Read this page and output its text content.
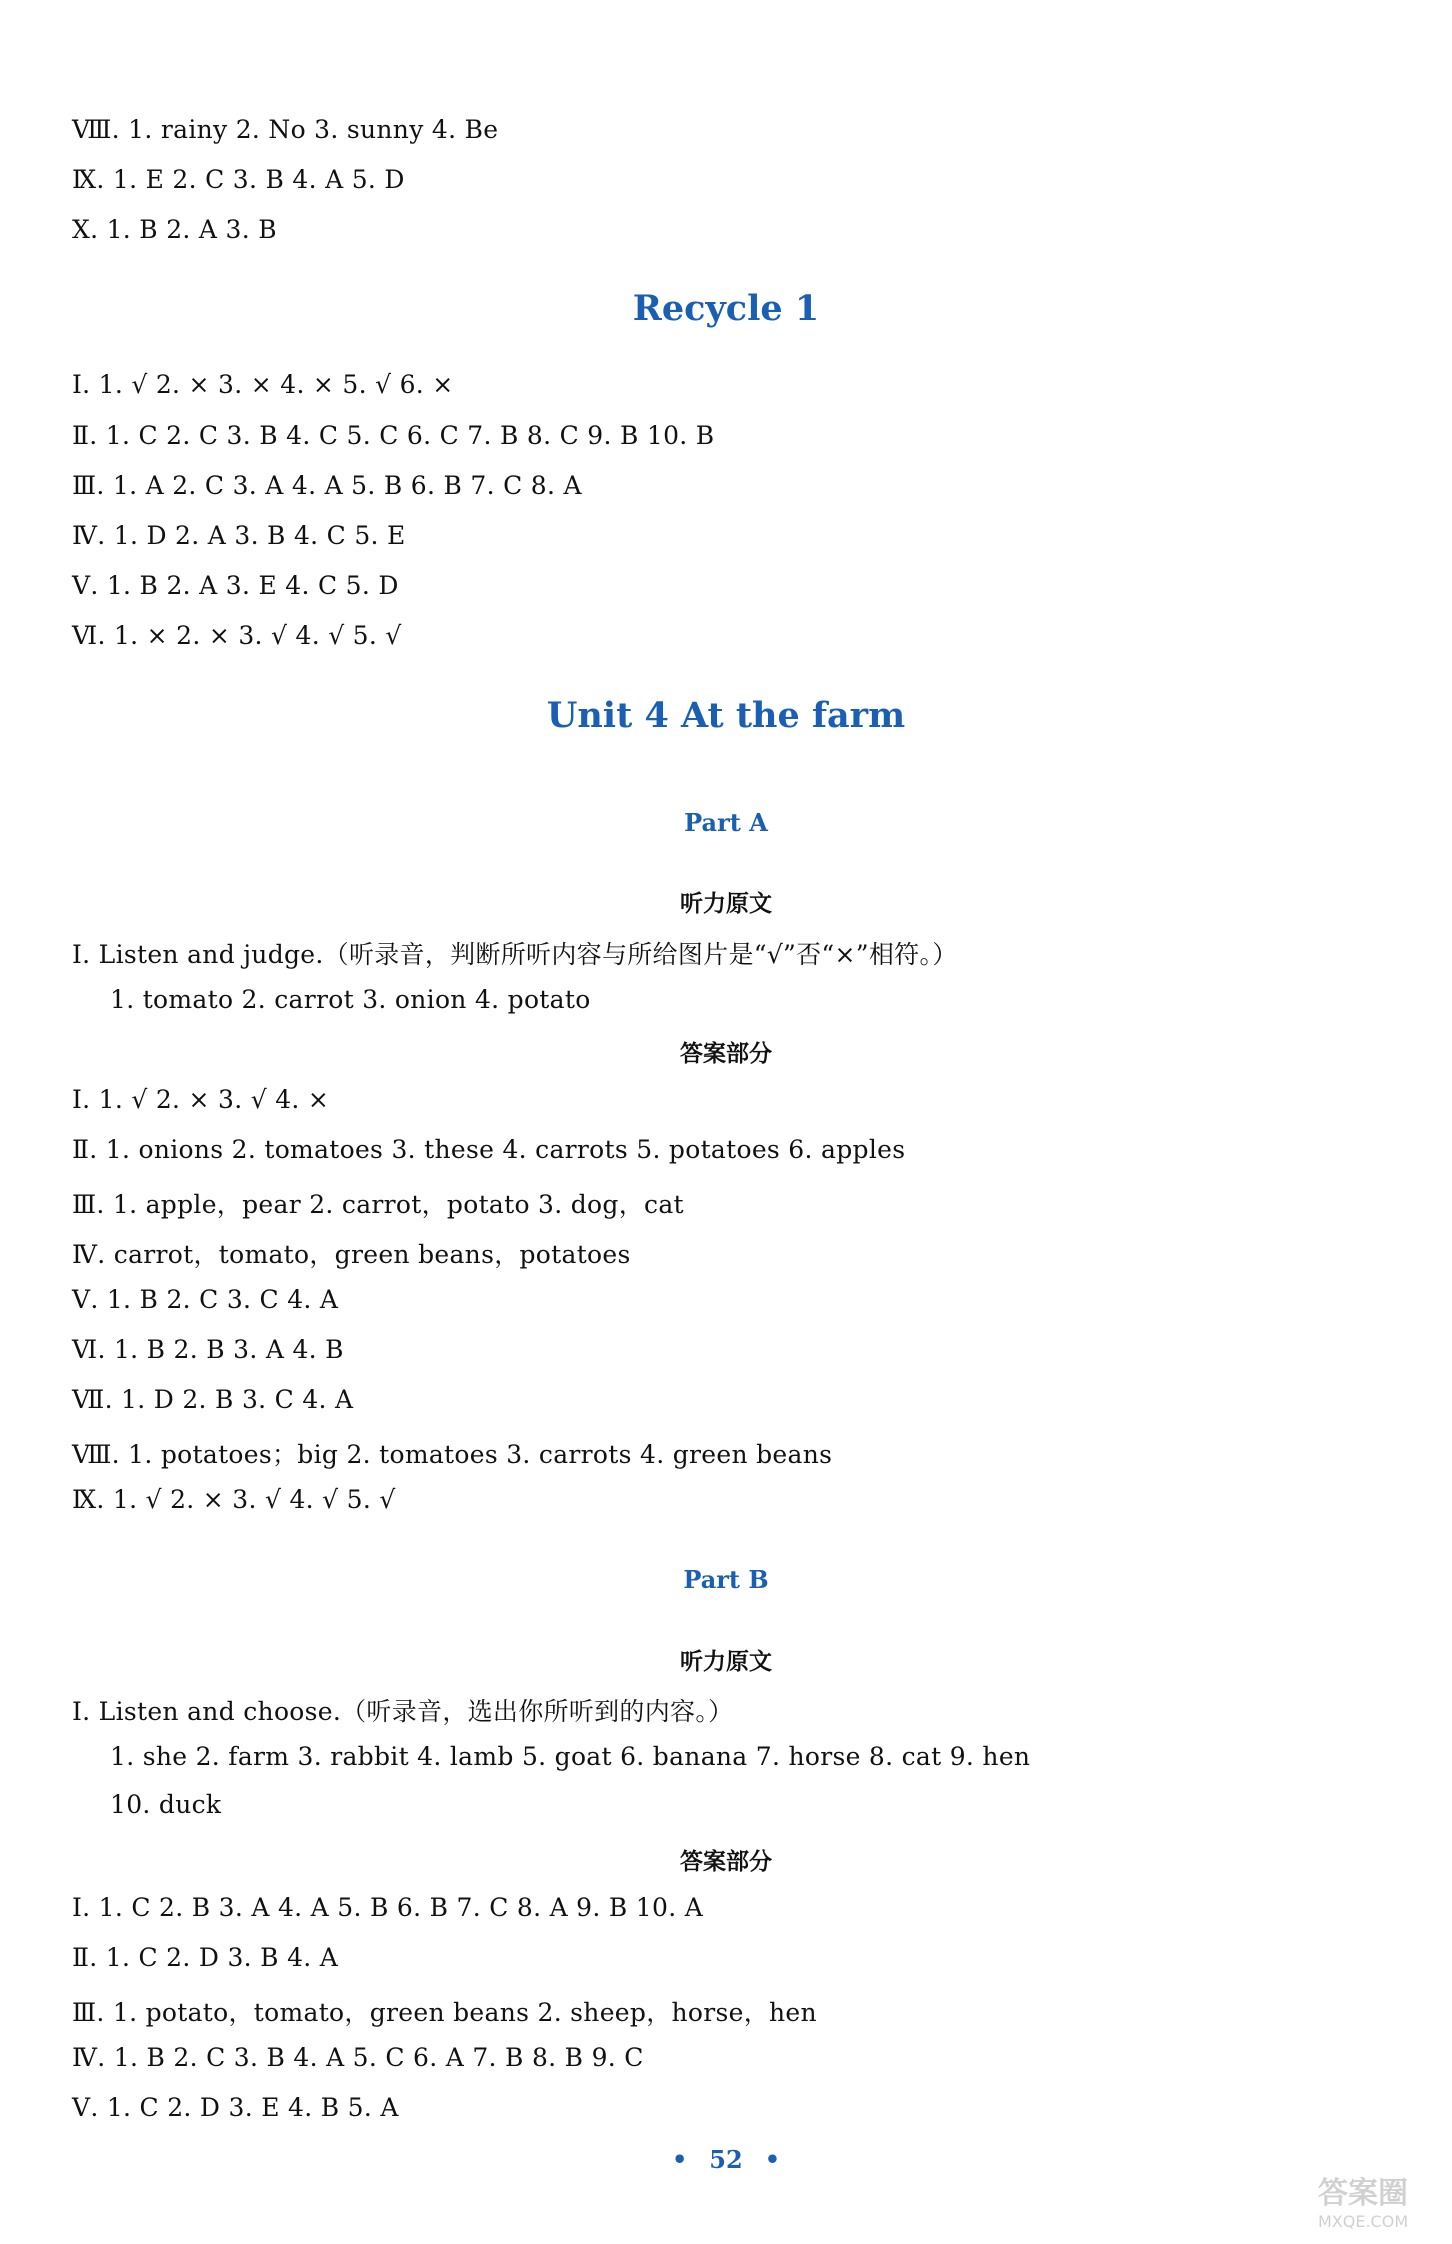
Ⅷ. 1. rainy 2. No 3. sunny 4. Be
Ⅸ. 1. E 2. C 3. B 4. A 5. D
Ⅹ. 1. B 2. A 3. B
Recycle 1
Ⅰ. 1. √ 2. × 3. × 4. × 5. √ 6. ×
Ⅱ. 1. C 2. C 3. B 4. C 5. C 6. C 7. B 8. C 9. B 10. B
Ⅲ. 1. A 2. C 3. A 4. A 5. B 6. B 7. C 8. A
Ⅳ. 1. D 2. A 3. B 4. C 5. E
Ⅴ. 1. B 2. A 3. E 4. C 5. D
Ⅵ. 1. × 2. × 3. √ 4. √ 5. √
Unit 4 At the farm
Part A
听力原文
Ⅰ. Listen and judge.（听录音，判断所听内容与所给图片是“√”否“×”相符。）
1. tomato 2. carrot 3. onion 4. potato
答案部分
Ⅰ. 1. √ 2. × 3. √ 4. ×
Ⅱ. 1. onions 2. tomatoes 3. these 4. carrots 5. potatoes 6. apples
Ⅲ. 1. apple，pear 2. carrot，potato 3. dog，cat
Ⅳ. carrot，tomato，green beans，potatoes
Ⅴ. 1. B 2. C 3. C 4. A
Ⅵ. 1. B 2. B 3. A 4. B
Ⅶ. 1. D 2. B 3. C 4. A
Ⅷ. 1. potatoes；big 2. tomatoes 3. carrots 4. green beans
Ⅸ. 1. √ 2. × 3. √ 4. √ 5. √
Part B
听力原文
Ⅰ. Listen and choose.（听录音，选出你所听到的内容。）
1. she 2. farm 3. rabbit 4. lamb 5. goat 6. banana 7. horse 8. cat 9. hen
10. duck
答案部分
Ⅰ. 1. C 2. B 3. A 4. A 5. B 6. B 7. C 8. A 9. B 10. A
Ⅱ. 1. C 2. D 3. B 4. A
Ⅲ. 1. potato，tomato，green beans 2. sheep，horse，hen
Ⅳ. 1. B 2. C 3. B 4. A 5. C 6. A 7. B 8. B 9. C
Ⅴ. 1. C 2. D 3. E 4. B 5. A
• 52 •
答案圈
MXQE.COM
